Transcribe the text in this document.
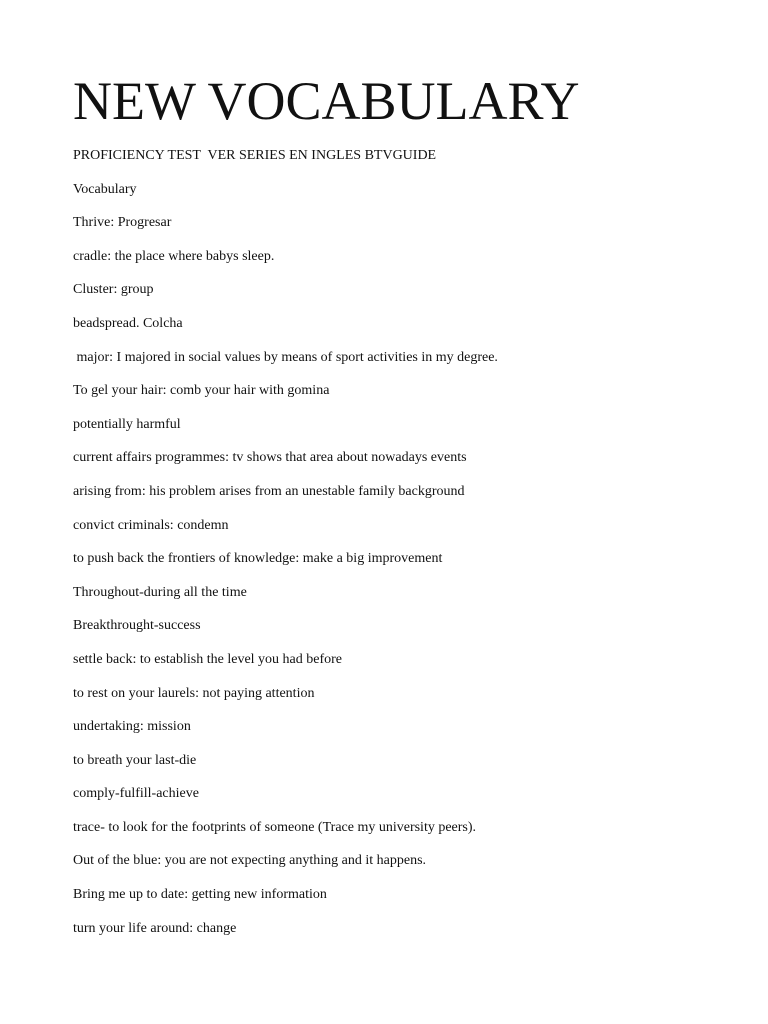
NEW VOCABULARY
PROFICIENCY TEST  VER SERIES EN INGLES BTVGUIDE
Vocabulary
Thrive: Progresar
cradle: the place where babys sleep.
Cluster: group
beadspread. Colcha
major: I majored in social values by means of sport activities in my degree.
To gel your hair: comb your hair with gomina
potentially harmful
current affairs programmes: tv shows that area about nowadays events
arising from: his problem arises from an unestable family background
convict criminals: condemn
to push back the frontiers of knowledge: make a big improvement
Throughout-during all the time
Breakthrought-success
settle back: to establish the level you had before
to rest on your laurels: not paying attention
undertaking: mission
to breath your last-die
comply-fulfill-achieve
trace- to look for the footprints of someone (Trace my university peers).
Out of the blue: you are not expecting anything and it happens.
Bring me up to date: getting new information
turn your life around: change
